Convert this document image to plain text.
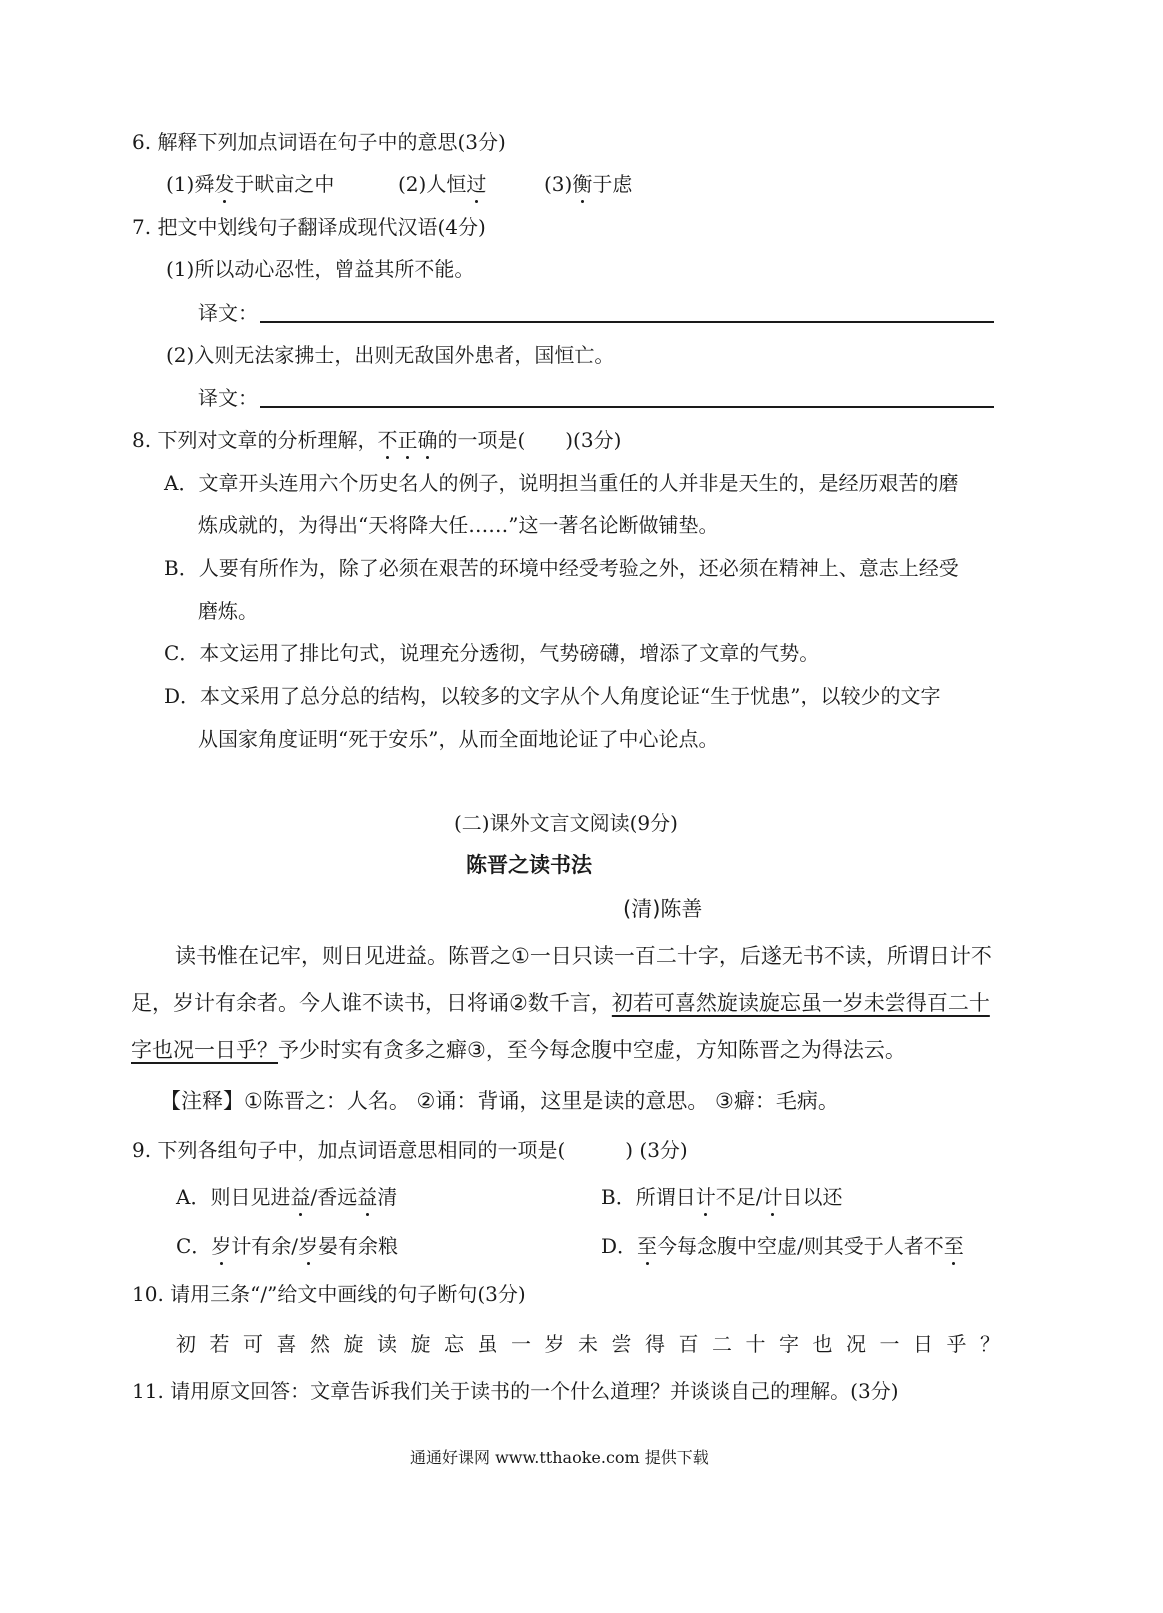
6. 解释下列加点词语在句子中的意思(3分)
(1)舜发于畎亩之中	(2)人恒过	(3)衡于虑
7. 把文中划线句子翻译成现代汉语(4分)
(1)所以动心忍性，曾益其所不能。
译文：
(2)入则无法家拂士，出则无敌国外患者，国恒亡。
译文：
8. 下列对文章的分析理解，不正确的一项是(　　)(3分)
A．文章开头连用六个历史名人的例子，说明担当重任的人并非是天生的，是经历艰苦的磨
炼成就的，为得出“天将降大任……”这一著名论断做铺垫。
B．人要有所作为，除了必须在艰苦的环境中经受考验之外，还必须在精神上、意志上经受
磨炼。
C．本文运用了排比句式，说理充分透彻，气势磅礴，增添了文章的气势。
D．本文采用了总分总的结构，以较多的文字从个人角度论证“生于忧患”，以较少的文字
从国家角度证明“死于安乐”，从而全面地论证了中心论点。
(二)课外文言文阅读(9分)
陈晋之读书法
(清)陈善
读书惟在记牢，则日见进益。陈晋之①一日只读一百二十字，后遂无书不读，所谓日计不
足，岁计有余者。今人谁不读书，日将诵②数千言，初若可喜然旋读旋忘虽一岁未尝得百二十
字也况一日乎？予少时实有贪多之癖③，至今每念腹中空虚，方知陈晋之为得法云。
【注释】①陈晋之：人名。 ②诵：背诵，这里是读的意思。 ③癖：毛病。
9. 下列各组句子中，加点词语意思相同的一项是(　　　) (3分)
A．则日见进益/香远益清	B．所谓日计不足/计日以还
C．岁计有余/岁晏有余粮	D．至今每念腹中空虚/则其受于人者不至
10. 请用三条“/”给文中画线的句子断句(3分)
初若可喜然旋读旋忘虽一岁未尝得百二十字也况一日乎？
11. 请用原文回答：文章告诉我们关于读书的一个什么道理？并谈谈自己的理解。(3分)
通通好课网 www.tthaoke.com 提供下载
